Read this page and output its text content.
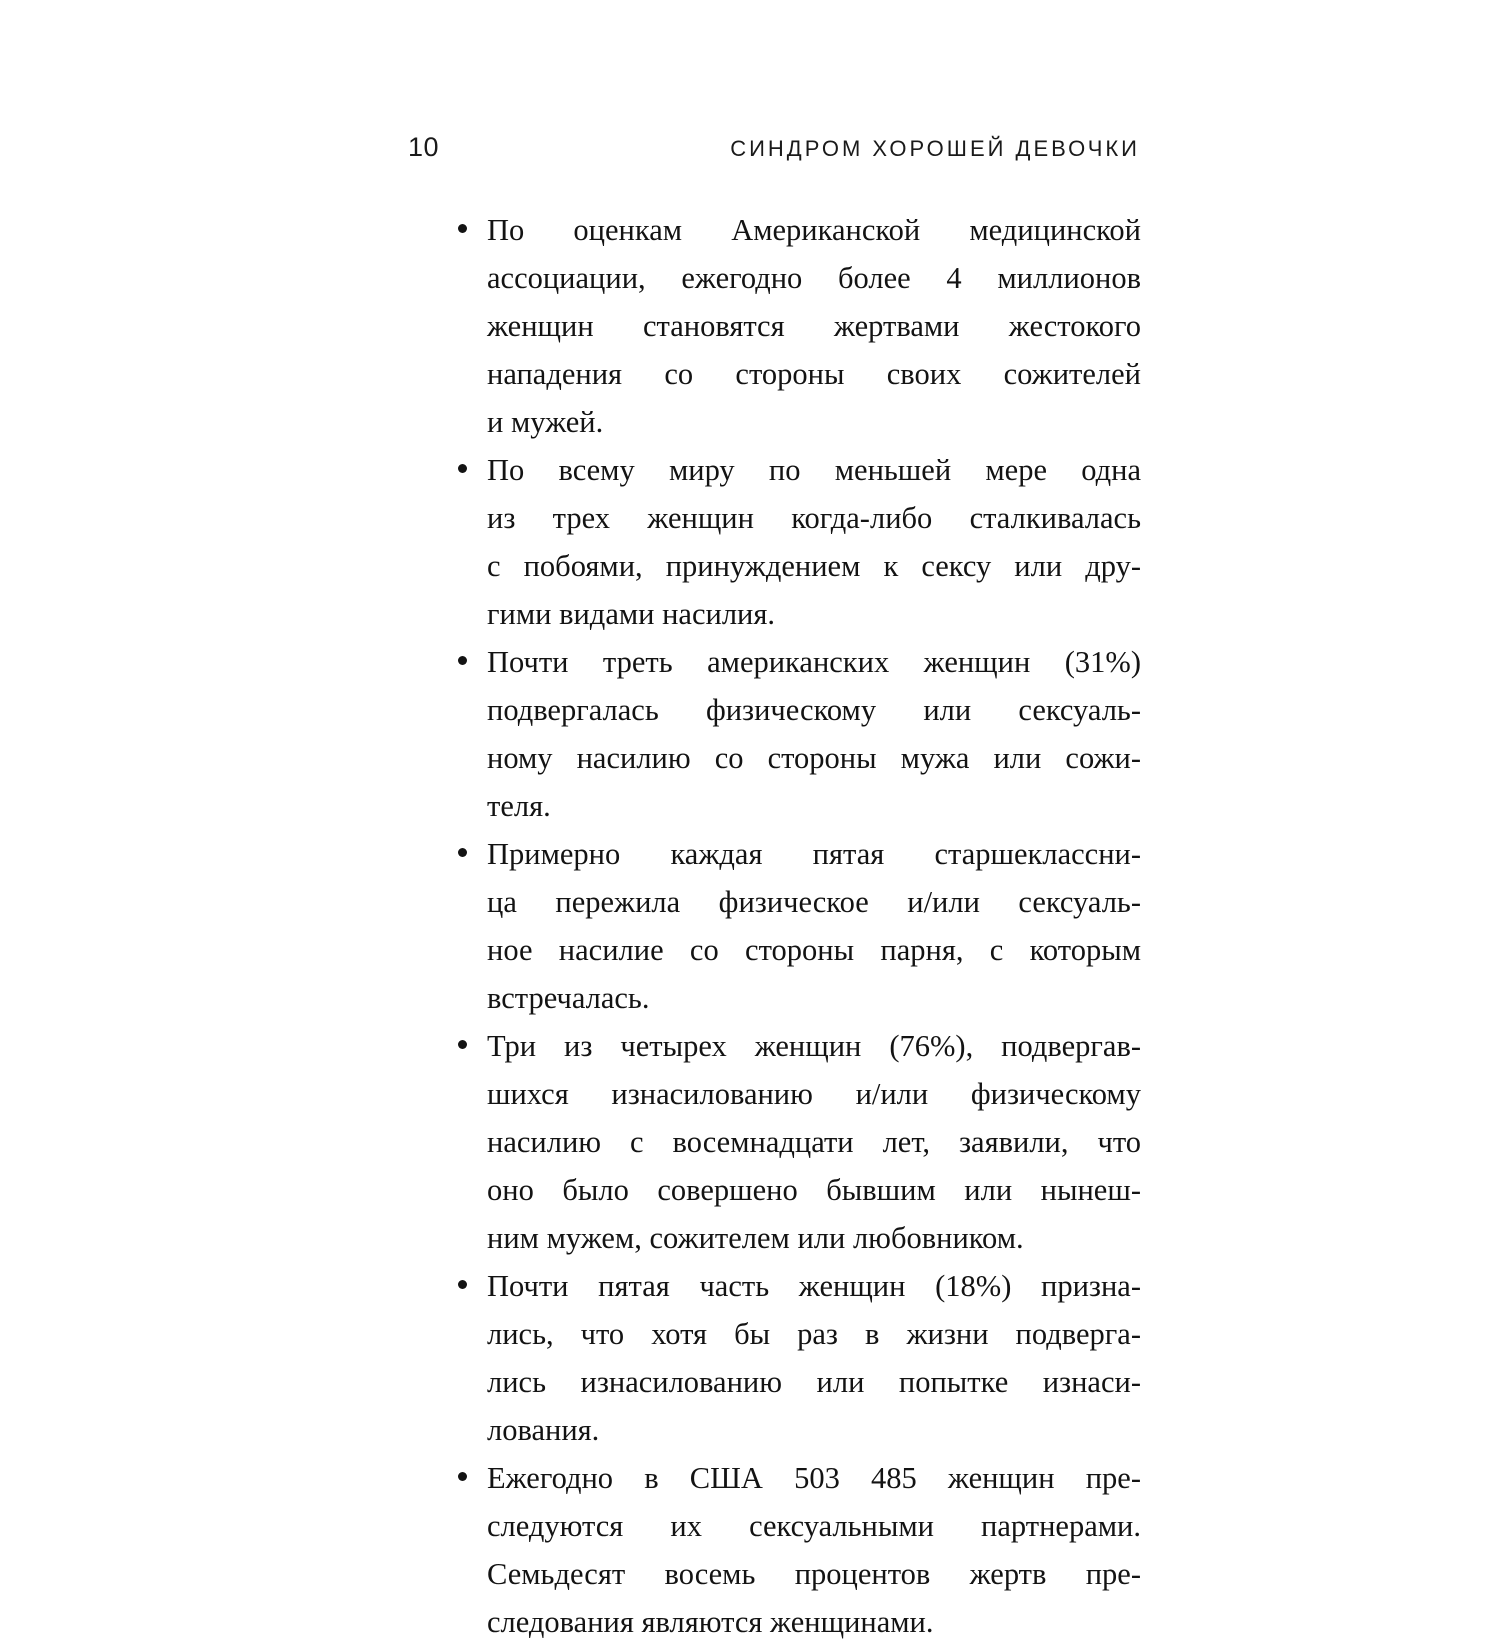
10	СИНДРОМ ХОРОШЕЙ ДЕВОЧКИ
По оценкам Американской медицинской
ассоциации, ежегодно более 4 миллионов
женщин становятся жертвами жестокого
нападения со стороны своих сожителей
и мужей.
По всему миру по меньшей мере одна
из трех женщин когда-либо сталкивалась
с побоями, принуждением к сексу или дру-
гими видами насилия.
Почти треть американских женщин (31%)
подвергалась физическому или сексуаль-
ному насилию со стороны мужа или сожи-
теля.
Примерно каждая пятая старшеклассни-
ца пережила физическое и/или сексуаль-
ное насилие со стороны парня, с которым
встречалась.
Три из четырех женщин (76%), подвергав-
шихся изнасилованию и/или физическому
насилию с восемнадцати лет, заявили, что
оно было совершено бывшим или нынеш-
ним мужем, сожителем или любовником.
Почти пятая часть женщин (18%) призна-
лись, что хотя бы раз в жизни подверга-
лись изнасилованию или попытке изнаси-
лования.
Ежегодно в США 503 485 женщин пре-
следуются их сексуальными партнерами.
Семьдесят восемь процентов жертв пре-
следования являются женщинами.
